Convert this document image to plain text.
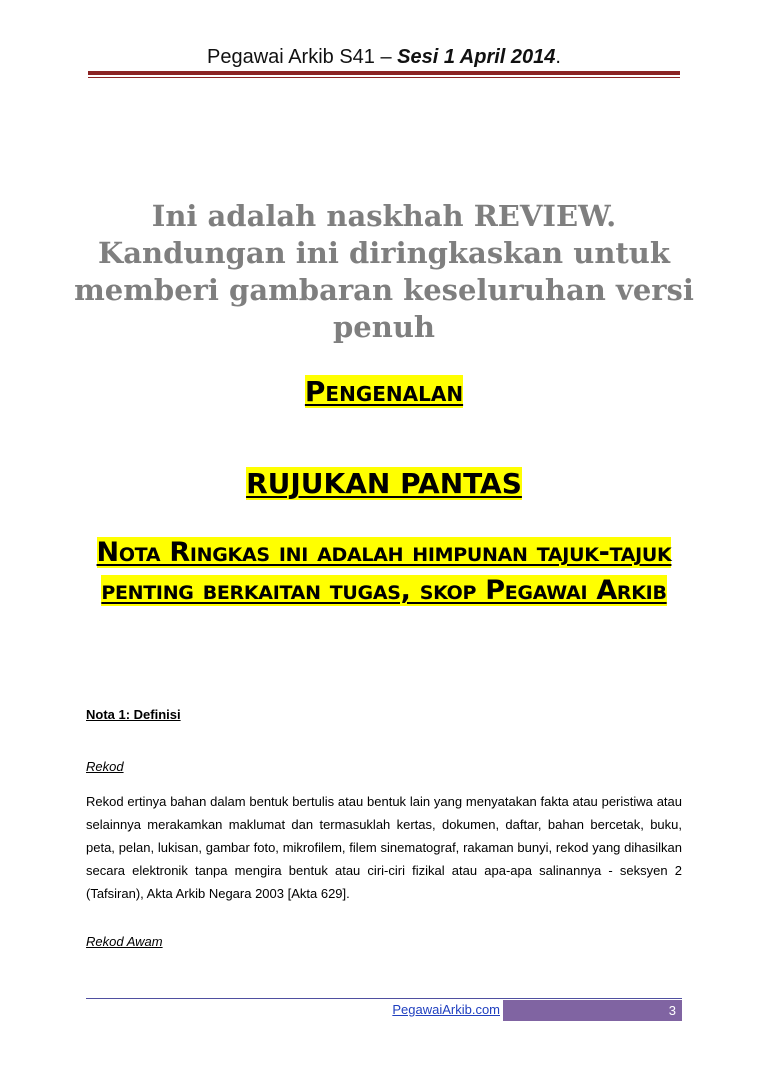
Pegawai Arkib S41 – Sesi 1 April 2014.
Ini adalah naskhah REVIEW. Kandungan ini diringkaskan untuk memberi gambaran keseluruhan versi penuh
Pengenalan
RUJUKAN PANTAS
Nota Ringkas ini adalah himpunan tajuk-tajuk penting berkaitan tugas, skop Pegawai Arkib
Nota 1: Definisi
Rekod

Rekod ertinya bahan dalam bentuk bertulis atau bentuk lain yang menyatakan fakta atau peristiwa atau selainnya merakamkan maklumat dan termasuklah kertas, dokumen, daftar, bahan bercetak, buku, peta, pelan, lukisan, gambar foto, mikrofilem, filem sinematograf, rakaman bunyi, rekod yang dihasilkan secara elektronik tanpa mengira bentuk atau ciri-ciri fizikal atau apa-apa salinannya - seksyen 2 (Tafsiran), Akta Arkib Negara 2003 [Akta 629].

Rekod Awam
PegawaiArkib.com	3
